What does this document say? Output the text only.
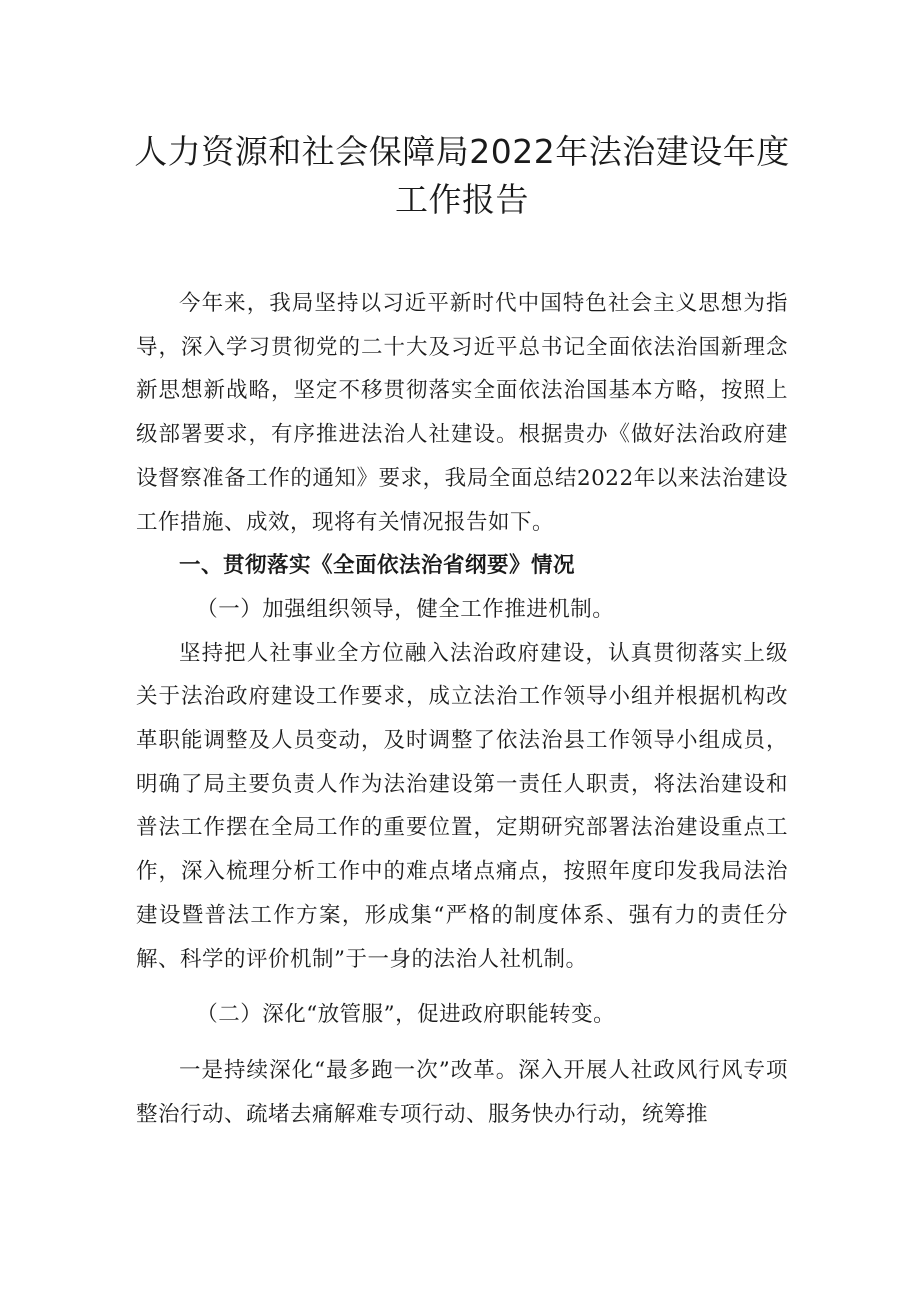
人力资源和社会保障局2022年法治建设年度
工作报告

今年来，我局坚持以习近平新时代中国特色社会主义思想为指导，深入学习贯彻党的二十大及习近平总书记全面依法治国新理念新思想新战略，坚定不移贯彻落实全面依法治国基本方略，按照上级部署要求，有序推进法治人社建设。根据贵办《做好法治政府建设督察准备工作的通知》要求，我局全面总结2022年以来法治建设工作措施、成效，现将有关情况报告如下。

一、贯彻落实《全面依法治省纲要》情况

（一）加强组织领导，健全工作推进机制。

坚持把人社事业全方位融入法治政府建设，认真贯彻落实上级关于法治政府建设工作要求，成立法治工作领导小组并根据机构改革职能调整及人员变动，及时调整了依法治县工作领导小组成员，明确了局主要负责人作为法治建设第一责任人职责，将法治建设和普法工作摆在全局工作的重要位置，定期研究部署法治建设重点工作，深入梳理分析工作中的难点堵点痛点，按照年度印发我局法治建设暨普法工作方案，形成集“严格的制度体系、强有力的责任分解、科学的评价机制”于一身的法治人社机制。

（二）深化“放管服”，促进政府职能转变。

一是持续深化“最多跑一次”改革。深入开展人社政风行风专项整治行动、疏堵去痛解难专项行动、服务快办行动，统筹推
